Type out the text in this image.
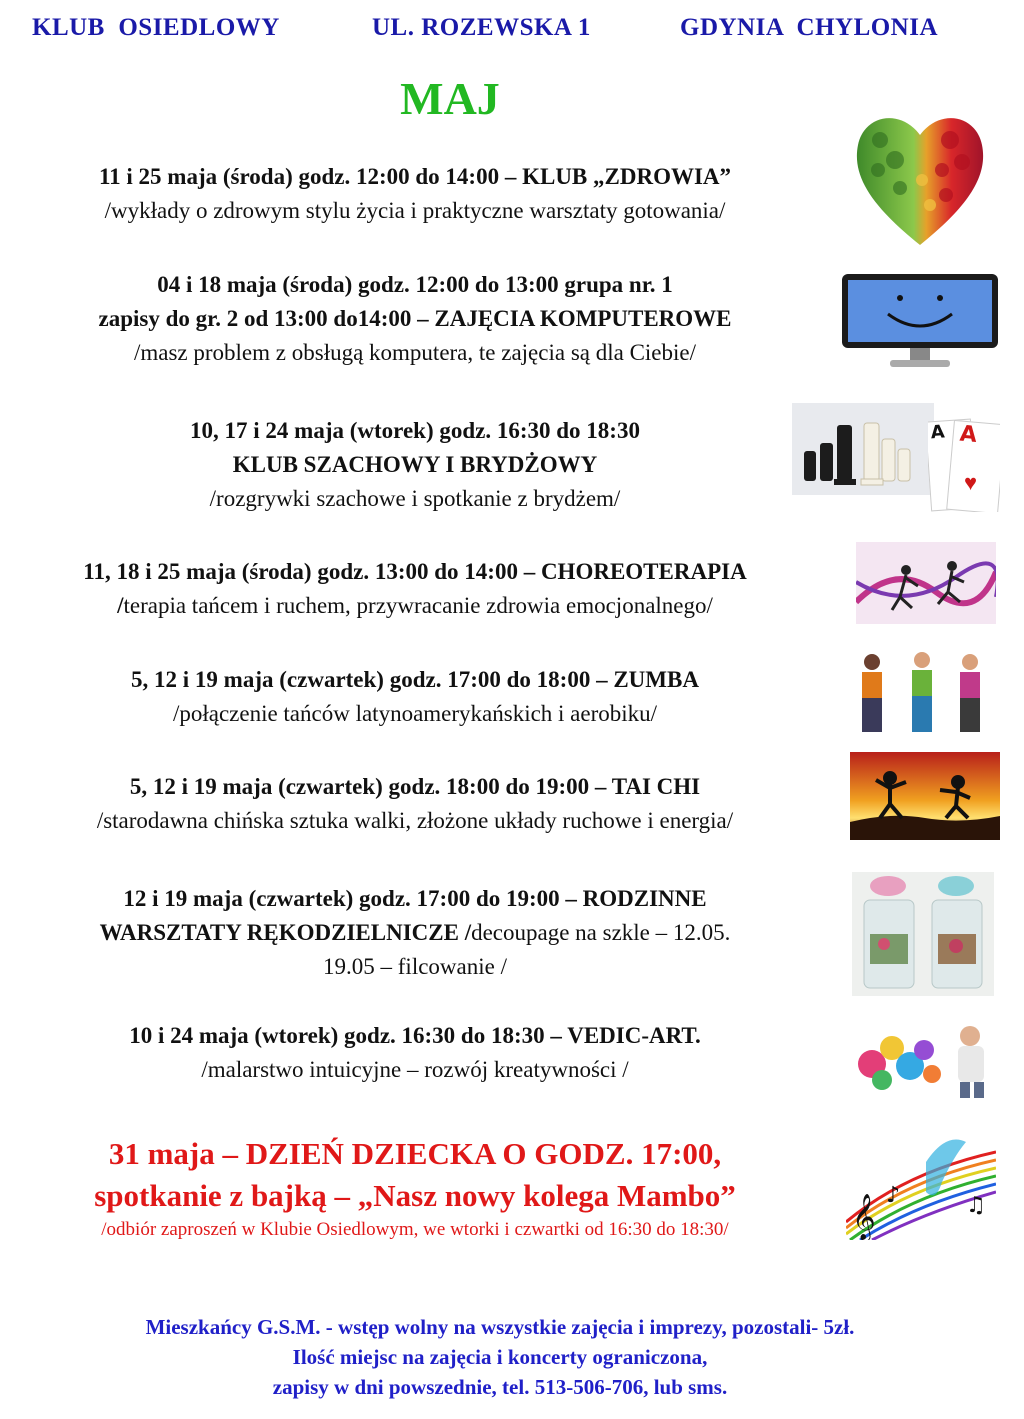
KLUB  OSIEDLOWY	UL. ROZEWSKA 1	GDYNIA  CHYLONIA
MAJ
11 i 25 maja (środa) godz. 12:00 do 14:00 – KLUB „ZDROWIA”
/wykłady o zdrowym stylu życia i praktyczne warsztaty gotowania/
04 i 18 maja (środa) godz. 12:00 do 13:00 grupa nr. 1
zapisy do gr. 2 od 13:00 do14:00 – ZAJĘCIA KOMPUTEROWE
/masz problem z obsługą komputera, te zajęcia są dla Ciebie/
10, 17 i 24 maja (wtorek) godz. 16:30 do 18:30
KLUB SZACHOWY I BRYDŻOWY
/rozgrywki szachowe i spotkanie z brydżem/
11, 18 i 25 maja (środa) godz. 13:00 do 14:00 – CHOREOTERAPIA
/terapia tańcem i ruchem, przywracanie zdrowia emocjonalnego/
5, 12 i 19 maja (czwartek) godz. 17:00 do 18:00 – ZUMBA
/połączenie tańców latynoamerykańskich i aerobiku/
5, 12 i 19 maja (czwartek) godz. 18:00 do 19:00 – TAI CHI
/starodawna chińska sztuka walki, złożone układy ruchowe i energia/
12 i 19 maja (czwartek) godz. 17:00 do 19:00 – RODZINNE
WARSZTATY RĘKODZIELNICZE /decoupage na szkle – 12.05.
19.05 – filcowanie /
10 i 24 maja (wtorek) godz. 16:30 do 18:30 – VEDIC-ART.
/malarstwo intuicyjne – rozwój kreatywności /
31 maja – DZIEŃ DZIECKA O GODZ. 17:00,
spotkanie z bajką – „Nasz nowy kolega Mambo”
/odbiór zaproszeń w Klubie Osiedlowym, we wtorki i czwartki od 16:30 do 18:30/
Mieszkańcy G.S.M. - wstęp wolny na wszystkie zajęcia i imprezy, pozostali- 5zł.
Ilość miejsc na zajęcia i koncerty ograniczona,
zapisy w dni powszednie, tel. 513-506-706, lub sms.
A A
♥
𝄞 ♪	♫
